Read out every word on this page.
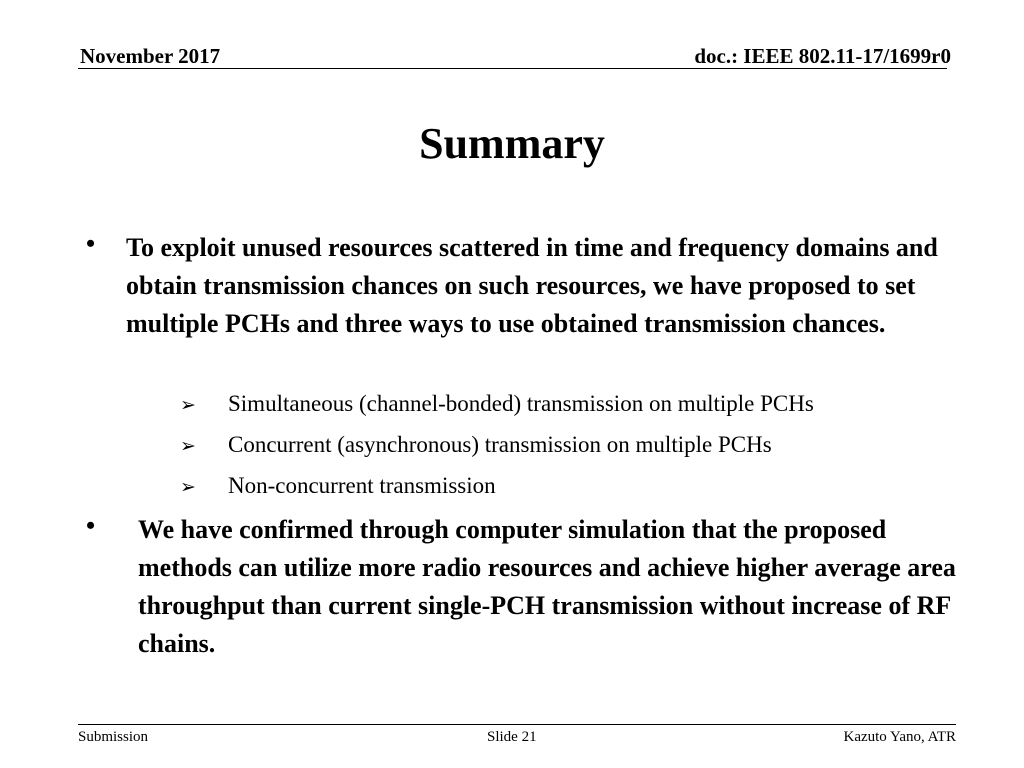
November 2017	doc.: IEEE 802.11-17/1699r0
Summary
• To exploit unused resources scattered in time and frequency domains and obtain transmission chances on such resources, we have proposed to set multiple PCHs and three ways to use obtained transmission chances.
➢ Simultaneous (channel-bonded) transmission on multiple PCHs
➢ Concurrent (asynchronous) transmission on multiple PCHs
➢ Non-concurrent transmission
• We have confirmed through computer simulation that the proposed methods can utilize more radio resources and achieve higher average area throughput than current single-PCH transmission without increase of RF chains.
Submission	Slide 21	Kazuto Yano, ATR
